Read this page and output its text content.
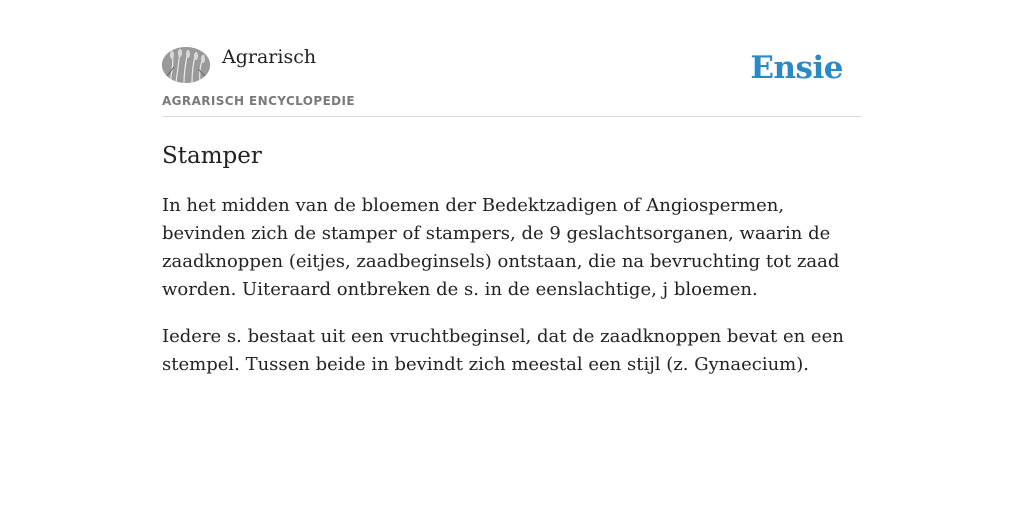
Agrarisch
AGRARISCH ENCYCLOPEDIE
Ensie
Stamper

In het midden van de bloemen der Bedektzadigen of Angiospermen, bevinden zich de stamper of stampers, de 9 geslachtsorganen, waarin de zaadknoppen (eitjes, zaadbeginsels) ontstaan, die na bevruchting tot zaad worden. Uiteraard ontbreken de s. in de eenslachtige, j bloemen.

Iedere s. bestaat uit een vruchtbeginsel, dat de zaadknoppen bevat en een stempel. Tussen beide in bevindt zich meestal een stijl (z. Gynaecium).
